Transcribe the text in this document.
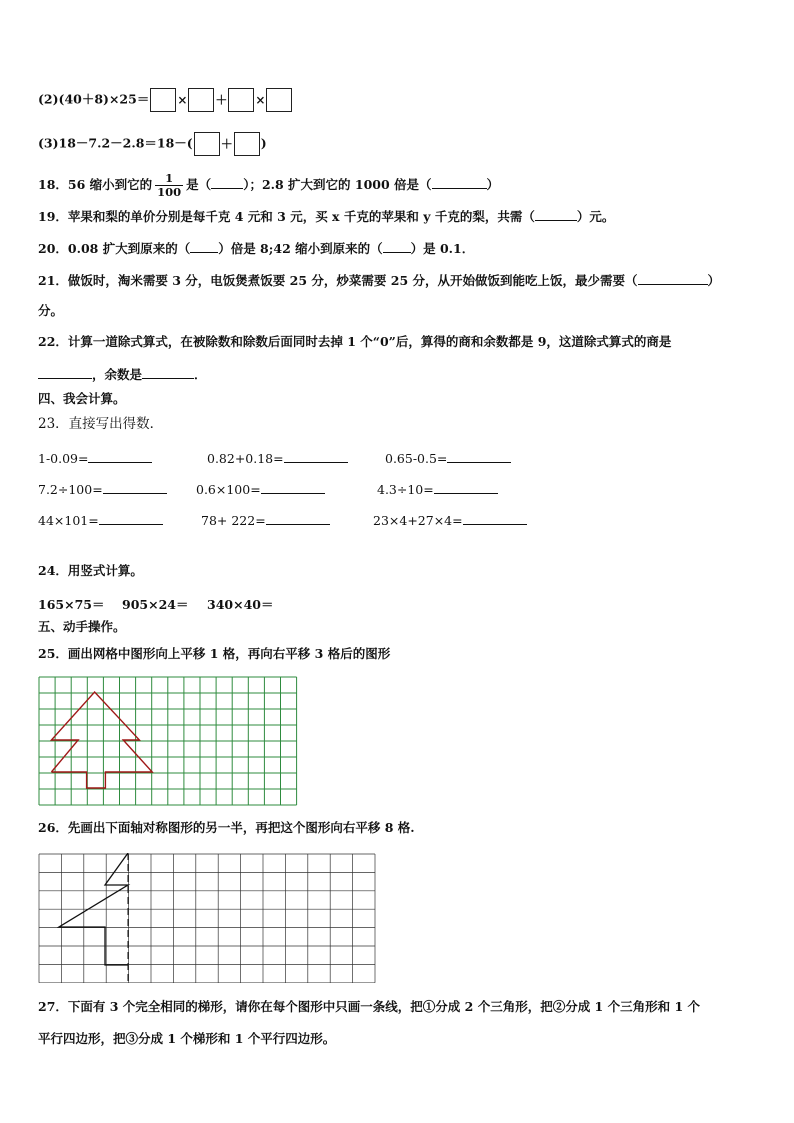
(2)(40＋8)×25＝ × ＋ ×
(3)18－7.2－2.8＝18－( ＋ )
18．56 缩小到它的 $\frac{1}{100}$ 是（	）；2.8 扩大到它的 1000 倍是（	）
19．苹果和梨的单价分别是每千克 4 元和 3 元，买 x 千克的苹果和 y 千克的梨，共需（	）元。
20．0.08 扩大到原来的（ ）倍是 8;42 缩小到原来的（ ）是 0.1．
21．做饭时，淘米需要 3 分，电饭煲煮饭要 25 分，炒菜需要 25 分，从开始做饭到能吃上饭，最少需要（	）
分。
22．计算一道除式算式，在被除数和除数后面同时去掉 1 个“0”后，算得的商和余数都是 9，这道除式算式的商是
，余数是	．
四、我会计算。
23．直接写出得数．
1-0.09=	0.82+0.18=	0.65-0.5=
7.2÷100=	0.6×100=	4.3÷10=
44×101=	78+ 222=	23×4+27×4=
24．用竖式计算。
165×75＝ 905×24＝ 340×40＝
五、动手操作。
25．画出网格中图形向上平移 1 格，再向右平移 3 格后的图形
26．先画出下面轴对称图形的另一半，再把这个图形向右平移 8 格.
27．下面有 3 个完全相同的梯形，请你在每个图形中只画一条线，把①分成 2 个三角形，把②分成 1 个三角形和 1 个
平行四边形，把③分成 1 个梯形和 1 个平行四边形。
